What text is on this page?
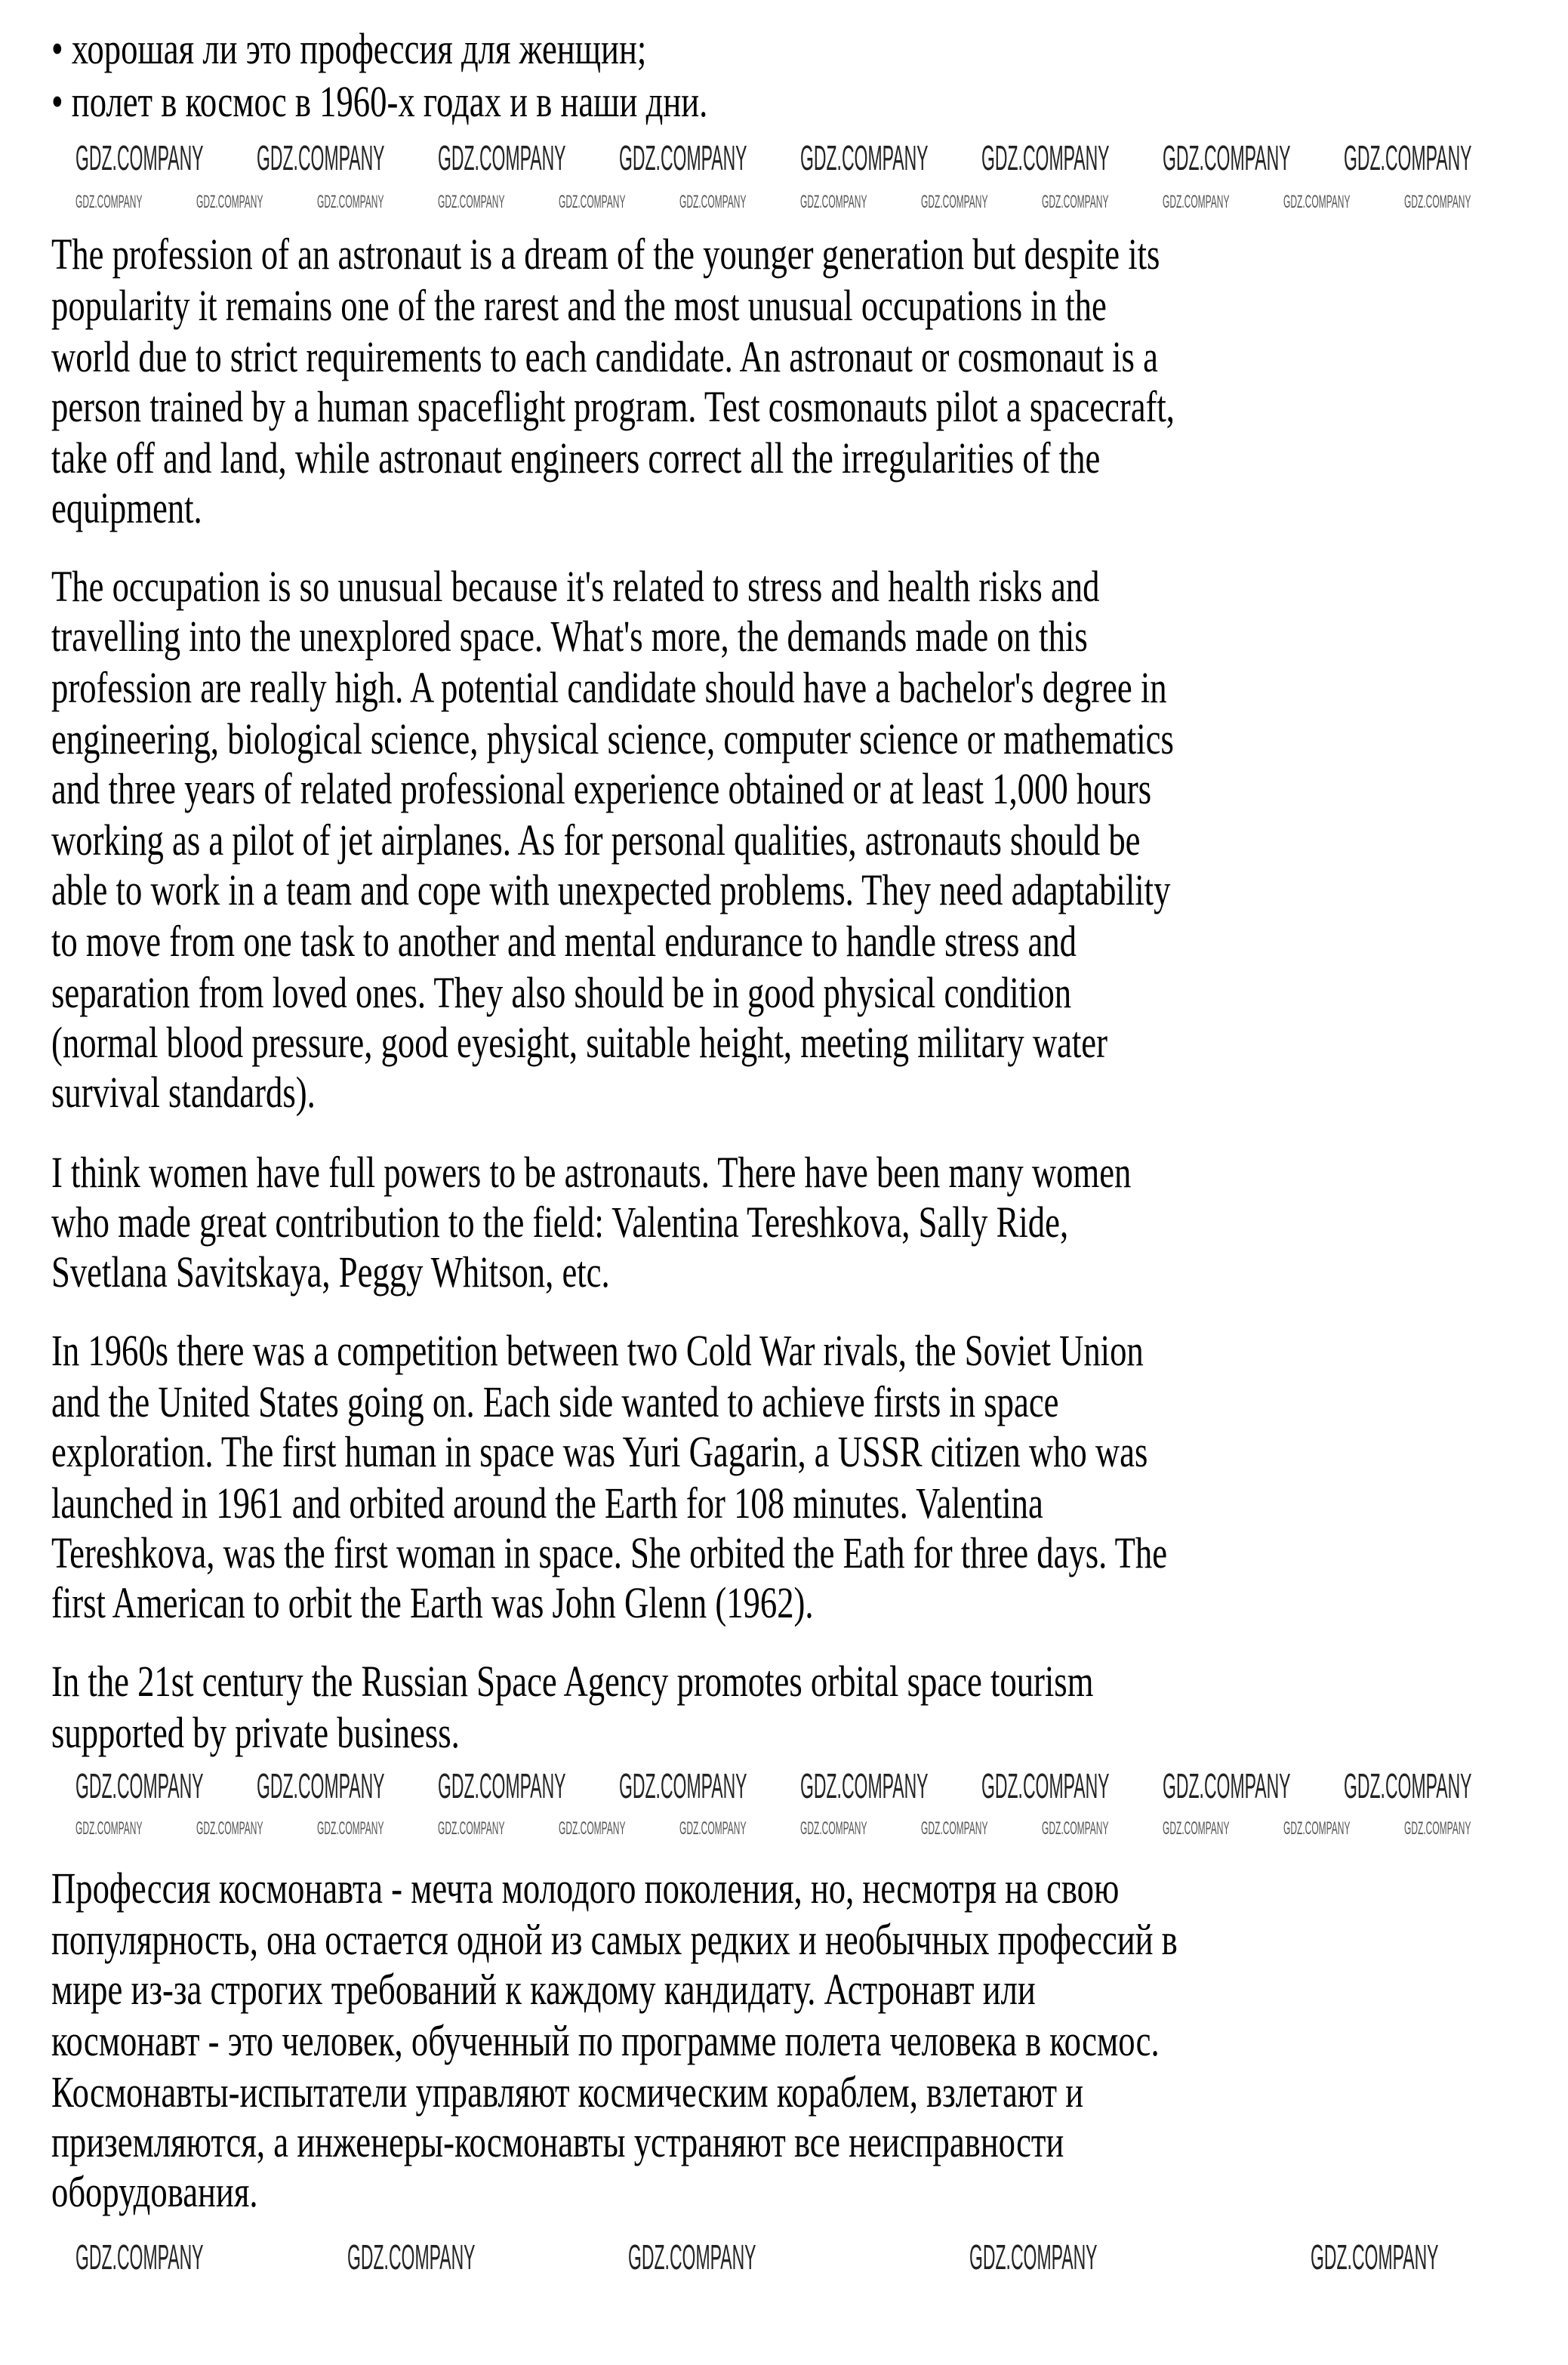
• хорошая ли это профессия для женщин;
• полет в космос в 1960-х годах и в наши дни.
The profession of an astronaut is a dream of the younger generation but despite its
popularity it remains one of the rarest and the most unusual occupations in the
world due to strict requirements to each candidate. An astronaut or cosmonaut is a
person trained by a human spaceflight program. Test cosmonauts pilot a spacecraft,
take off and land, while astronaut engineers correct all the irregularities of the
equipment.
The occupation is so unusual because it's related to stress and health risks and
travelling into the unexplored space. What's more, the demands made on this
profession are really high. A potential candidate should have a bachelor's degree in
engineering, biological science, physical science, computer science or mathematics
and three years of related professional experience obtained or at least 1,000 hours
working as a pilot of jet airplanes. As for personal qualities, astronauts should be
able to work in a team and cope with unexpected problems. They need adaptability
to move from one task to another and mental endurance to handle stress and
separation from loved ones. They also should be in good physical condition
(normal blood pressure, good eyesight, suitable height, meeting military water
survival standards).
I think women have full powers to be astronauts. There have been many women
who made great contribution to the field: Valentina Tereshkova, Sally Ride,
Svetlana Savitskaya, Peggy Whitson, etc.
In 1960s there was a competition between two Cold War rivals, the Soviet Union
and the United States going on. Each side wanted to achieve firsts in space
exploration. The first human in space was Yuri Gagarin, a USSR citizen who was
launched in 1961 and orbited around the Earth for 108 minutes. Valentina
Tereshkova, was the first woman in space. She orbited the Eath for three days. The
first American to orbit the Earth was John Glenn (1962).
In the 21st century the Russian Space Agency promotes orbital space tourism
supported by private business.
Профессия космонавта - мечта молодого поколения, но, несмотря на свою
популярность, она остается одной из самых редких и необычных профессий в
мире из-за строгих требований к каждому кандидату. Астронавт или
космонавт - это человек, обученный по программе полета человека в космос.
Космонавты-испытатели управляют космическим кораблем, взлетают и
приземляются, а инженеры-космонавты устраняют все неисправности
оборудования.
GDZ.COMPANY GDZ.COMPANY GDZ.COMPANY GDZ.COMPANY GDZ.COMPANY GDZ.COMPANY GDZ.COMPANY GDZ.COMPANY
GDZ.COMPANY	GDZ.COMPANY	GDZ.COMPANY	GDZ.COMPANY	GDZ.COMPANY	GDZ.COMPANY	GDZ.COMPANY	GDZ.COMPANY	GDZ.COMPANY	GDZ.COMPANY	GDZ.COMPANY	GDZ.COMPANY
GDZ.COMPANY GDZ.COMPANY GDZ.COMPANY GDZ.COMPANY GDZ.COMPANY GDZ.COMPANY GDZ.COMPANY GDZ.COMPANY
GDZ.COMPANY	GDZ.COMPANY	GDZ.COMPANY	GDZ.COMPANY	GDZ.COMPANY	GDZ.COMPANY	GDZ.COMPANY	GDZ.COMPANY	GDZ.COMPANY	GDZ.COMPANY	GDZ.COMPANY	GDZ.COMPANY
GDZ.COMPANY	GDZ.COMPANY	GDZ.COMPANY	GDZ.COMPANY
GDZ.COMPANY
